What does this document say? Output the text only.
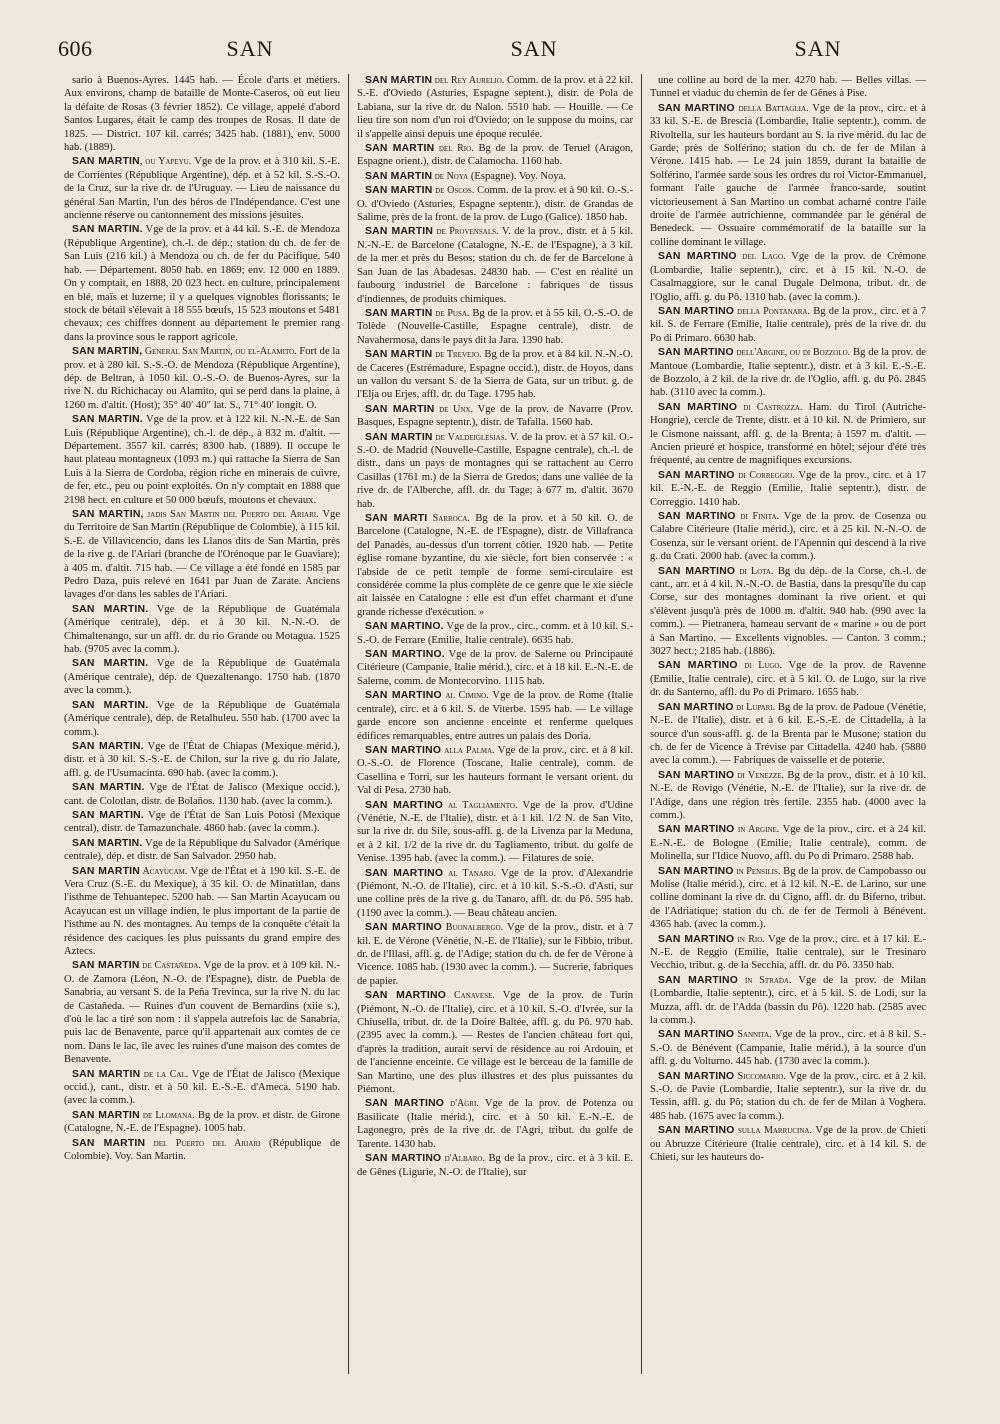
606	SAN	SAN	SAN

sario à Buenos-Ayres. 1445 hab. — École d'arts et métiers. Aux environs, champ de bataille de Monte-Caseros, où eut lieu la défaite de Rosas (3 février 1852). Ce village, appelé d'abord Santos Lugares, était le camp des troupes de Rosas. Il date de 1825. — District. 107 kil. carrés; 3425 hab. (1881), env. 5000 hab. (1889).

SAN MARTIN, ou Yapeyu. Vge de la prov. et à 310 kil. S.-E. de Corrientes (République Argentine), dép. et à 52 kil. S.-S.-O. de la Cruz, sur la rive dr. de l'Uruguay. — Lieu de naissance du général San Martin, l'un des héros de l'Indépendance. C'est une ancienne réserve ou cantonnement des missions jésuites.

SAN MARTIN. Vge de la prov. et à 44 kil. S.-E. de Mendoza (République Argentine), ch.-l. de dép.; station du ch. de fer de San Luis (216 kil.) à Mendoza ou ch. de fer du Pacifique. 540 hab. — Département. 8050 hab. en 1869; env. 12 000 en 1889. On y comptait, en 1888, 20 023 hect. en culture, principalement en blé, maïs et luzerne; il y a quelques vignobles florissants; le stock de bétail s'élevait à 18 555 bœufs, 15 523 moutons et 5481 chevaux; ces chiffres donnent au département le premier rang dans la province sous le rapport agricole.

SAN MARTIN, General San Martin, ou el-Alamito. Fort de la prov. et à 280 kil. S.-S.-O. de Mendoza (République Argentine), dép. de Beltran, à 1050 kil. O.-S.-O. de Buenos-Ayres, sur la rive N. du Richichacay ou Alamito, qui se perd dans la plaine, à 1260 m. d'altit. (Host); 35° 40′ 40″ lat. S., 71° 40′ longit. O.

SAN MARTIN. Vge de la prov. et à 122 kil. N.-N.-E. de San Luis (République Argentine), ch.-l. de dép., à 832 m. d'altit. — Département. 3557 kil. carrés; 8300 hab. (1889). Il occupe le haut plateau montagneux (1093 m.) qui rattache la Sierra de San Luis à la Sierra de Cordoba, région riche en minerais de cuivre, de fer, etc., peu ou point exploités. On n'y comptait en 1888 que 2198 hect. en culture et 50 000 bœufs, moutons et chevaux.

SAN MARTIN, jadis San Martin del Puerto del Ariari. Vge du Territoire de San Martin (République de Colombie), à 115 kil. S.-E. de Villavicencio, dans les Llanos dits de San Martin, près de la rive g. de l'Ariari (branche de l'Orénoque par le Guaviare); à 405 m. d'altit. 715 hab. — Ce village a été fondé en 1585 par Pedro Daza, puis relevé en 1641 par Juan de Zarate. Anciens lavages d'or dans les sables de l'Ariari.

SAN MARTIN. Vge de la République de Guatémala (Amérique centrale), dép. et à 30 kil. N.-N.-O. de Chimaltenango, sur un affl. dr. du rio Grande ou Motagua. 1525 hab. (9705 avec la comm.).

SAN MARTIN. Vge de la République de Guatémala (Amérique centrale), dép. de Quezaltenango. 1750 hab. (1870 avec la comm.).

SAN MARTIN. Vge de la République de Guatémala (Amérique centrale), dép. de Retalhuleu. 550 hab. (1700 avec la comm.).

SAN MARTIN. Vge de l'État de Chiapas (Mexique mérid.), distr. et à 30 kil. S.-S.-E. de Chilon, sur la rive g. du rio Jalate, affl. g. de l'Usumacinta. 690 hab. (avec la comm.).

SAN MARTIN. Vge de l'État de Jalisco (Mexique occid.), cant. de Colotlan, distr. de Bolaños. 1130 hab. (avec la comm.).

SAN MARTIN. Vge de l'État de San Luis Potosi (Mexique central), distr. de Tamazunchale. 4860 hab. (avec la comm.).

SAN MARTIN. Vge de la République du Salvador (Amérique centrale), dép. et distr. de San Salvador. 2950 hab.

SAN MARTIN Acayucam. Vge de l'État et à 190 kil. S.-E. de Vera Cruz (S.-E. du Mexique), à 35 kil. O. de Minatitlan, dans l'isthme de Tehuantepec. 5200 hab. — San Martin Acayucam ou Acayucan est un village indien, le plus important de la partie de l'isthme au N. des montagnes. Au temps de la conquête c'était la résidence des caciques les plus puissants du grand empire des Aztecs.

SAN MARTIN de Castañeda. Vge de la prov. et à 109 kil. N.-O. de Zamora (Léon, N.-O. de l'Espagne), distr. de Puebla de Sanabria, au versant S. de la Peña Trevinca, sur la rive N. du lac de Castañeda. — Ruines d'un couvent de Bernardins (xiie s.), d'où le lac a tiré son nom : il s'appela autrefois lac de Sanabria, puis lac de Benavente, parce qu'il appartenait aux comtes de ce nom. Dans le lac, île avec les ruines d'une maison des comtes de Benavente.

SAN MARTIN de la Cal. Vge de l'État de Jalisco (Mexique occid.), cant., distr. et à 50 kil. E.-S.-E. d'Ameca. 5190 hab. (avec la comm.).

SAN MARTIN de Llomana. Bg de la prov. et distr. de Girone (Catalogne, N.-E. de l'Espagne). 1005 hab.

SAN MARTIN del Puerto del Ariari (République de Colombie). Voy. San Martin.

SAN MARTIN del Rey Aurelio. Comm. de la prov. et à 22 kil. S.-E. d'Oviedo (Asturies, Espagne septent.), distr. de Pola de Labiana, sur la rive dr. du Nalon. 5510 hab. — Houille. — Ce lieu tire son nom d'un roi d'Oviedo; on le suppose du moins, car il s'appelle ainsi depuis une époque reculée.

SAN MARTIN del Rio. Bg de la prov. de Teruel (Aragon, Espagne orient.), distr. de Calamocha. 1160 hab.

SAN MARTIN de Noya (Espagne). Voy. Noya.

SAN MARTIN de Oscos. Comm. de la prov. et à 90 kil. O.-S.-O. d'Oviedo (Asturies, Espagne septentr.), distr. de Grandas de Salime, près de la front. de la prov. de Lugo (Galice). 1850 hab.

SAN MARTIN de Provensals. V. de la prov., distr. et à 5 kil. N.-N.-E. de Barcelone (Catalogne, N.-E. de l'Espagne), à 3 kil. de la mer et près du Besos; station du ch. de fer de Barcelone à San Juan de las Abadesas. 24830 hab. — C'est en réalité un faubourg industriel de Barcelone : fabriques de tissus d'indiennes, de produits chimiques.

SAN MARTIN de Pusa. Bg de la prov. et à 55 kil. O.-S.-O. de Tolède (Nouvelle-Castille, Espagne centrale), distr. de Navahermosa, dans le pays dit la Jara. 1390 hab.

SAN MARTIN de Trevejo. Bg de la prov. et à 84 kil. N.-N.-O. de Caceres (Estrémadure, Espagne occid.), distr. de Hoyos, dans un vallon du versant S. de la Sierra de Gata, sur un tribut. g. de l'Elja ou Erjes, affl. dr. du Tage. 1795 hab.

SAN MARTIN de Unx. Vge de la prov. de Navarre (Prov. Basques, Espagne septentr.), distr. de Tafalla. 1560 hab.

SAN MARTIN de Valdeiglesias. V. de la prov. et à 57 kil. O.-S.-O. de Madrid (Nouvelle-Castille, Espagne centrale), ch.-l. de distr., dans un pays de montagnes qui se rattachent au Cerro Casillas (1761 m.) de la Sierra de Gredos; dans une vallée de la rive dr. de l'Alberche, affl. dr. du Tage; à 677 m. d'altit. 3670 hab.

SAN MARTI Sarroca. Bg de la prov. et à 50 kil. O. de Barcelone (Catalogne, N.-E. de l'Espagne), distr. de Villafranca del Panadès, au-dessus d'un torrent côtier. 1920 hab. — Petite église romane byzantine, du xie siècle, fort bien conservée : « l'abside de ce petit temple de forme semi-circulaire est considérée comme la plus complète de ce genre que le xie siècle ait laissée en Catalogne : elle est d'un effet charmant et d'une grande richesse d'exécution. »

SAN MARTINO. Vge de la prov., circ., comm. et à 10 kil. S.-S.-O. de Ferrare (Emilie, Italie centrale). 6635 hab.

SAN MARTINO. Vge de la prov. de Salerne ou Principauté Citérieure (Campanie, Italie mérid.), circ. et à 18 kil. E.-N.-E. de Salerne, comm. de Montecorvino. 1115 hab.

SAN MARTINO al Cimino. Vge de la prov. de Rome (Italie centrale), circ. et à 6 kil. S. de Viterbe. 1595 hab. — Le village garde encore son ancienne enceinte et renferme quelques édifices remarquables, entre autres un palais des Doria.

SAN MARTINO alla Palma. Vge de la prov., circ. et à 8 kil. O.-S.-O. de Florence (Toscane, Italie centrale), comm. de Casellina e Torri, sur les hauteurs formant le versant orient. du Val di Pesa. 2730 hab.

SAN MARTINO al Tagliamento. Vge de la prov. d'Udine (Vénétie, N.-E. de l'Italie), distr. et à 1 kil. 1/2 N. de San Vito, sur la rive dr. du Sile, sous-affl. g. de la Livenza par la Meduna, et à 2 kil. 1/2 de la rive dr. du Tagliamento, tribut. du golfe de Venise. 1395 hab. (avec la comm.). — Filatures de soie.

SAN MARTINO al Tanaro. Vge de la prov. d'Alexandrie (Piémont, N.-O. de l'Italie), circ. et à 10 kil. S.-S.-O. d'Asti, sur une colline près de la rive g. du Tanaro, affl. dr. du Pô. 595 hab. (1190 avec la comm.). — Beau château ancien.

SAN MARTINO Buonalbergo. Vge de la prov., distr. et à 7 kil. E. de Vérone (Vénétie, N.-E. de l'Italie), sur le Fibbio, tribut. dr. de l'Illasi, affl. g. de l'Adige; station du ch. de fer de Vérone à Vicence. 1085 hab. (1930 avec la comm.). — Sucrerie, fabriques de papier.

SAN MARTINO Canavese. Vge de la prov. de Turin (Piémont, N.-O. de l'Italie), circ. et à 10 kil. S.-O. d'Ivrée, sur la Chiusella, tribut. dr. de la Doire Baltée, affl. g. du Pô. 970 hab. (2395 avec la comm.). — Restes de l'ancien château fort qui, d'après la tradition, aurait servi de résidence au roi Ardouin, et de l'ancienne enceinte. Ce village est le berceau de la famille de San Martino, une des plus illustres et des plus puissantes du Piémont.

SAN MARTINO d'Agri. Vge de la prov. de Potenza ou Basilicate (Italie mérid.), circ. et à 50 kil. E.-N.-E. de Lagonegro, près de la rive dr. de l'Agri, tribut. du golfe de Tarente. 1430 hab.

SAN MARTINO d'Albaro. Bg de la prov., circ. et à 3 kil. E. de Gênes (Ligurie, N.-O. de l'Italie), sur

une colline au bord de la mer. 4270 hab. — Belles villas. — Tunnel et viaduc du chemin de fer de Gênes à Pise.

SAN MARTINO della Battaglia. Vge de la prov., circ. et à 33 kil. S.-E. de Brescia (Lombardie, Italie septentr.), comm. de Rivoltella, sur les hauteurs bordant au S. la rive mérid. du lac de Garde; près de Solférino; station du ch. de fer de Milan à Vérone. 1415 hab. — Le 24 juin 1859, durant la bataille de Solférino, l'armée sarde sous les ordres du roi Victor-Emmanuel, formant l'aile gauche de l'armée franco-sarde, soutint victorieusement à San Martino un combat acharné contre l'aile droite de l'armée autrichienne, commandée par le général de Benedeck. — Ossuaire commémoratif de la bataille sur la colline dominant le village.

SAN MARTINO del Lago. Vge de la prov. de Crémone (Lombardie, Italie septentr.), circ. et à 15 kil. N.-O. de Casalmaggiore, sur le canal Dugale Delmona, tribut. dr. de l'Oglio, affl. g. du Pô. 1310 hab. (avec la comm.).

SAN MARTINO della Pontanara. Bg de la prov., circ. et à 7 kil. S. de Ferrare (Emilie, Italie centrale), près de la rive dr. du Po di Primaro. 6630 hab.

SAN MARTINO dell'Argine, ou di Bozzolo. Bg de la prov. de Mantoue (Lombardie, Italie septentr.), distr. et à 3 kil. E.-S.-E. de Bozzolo, à 2 kil. de la rive dr. de l'Oglio, affl. g. du Pô. 2845 hab. (3110 avec la comm.).

SAN MARTINO di Castrozza. Ham. du Tirol (Autriche-Hongrie), cercle de Trente, distr. et à 10 kil. N. de Primiero, sur le Cismone naissant, affl. g. de la Brenta; à 1597 m. d'altit. — Ancien prieuré et hospice, transformé en hôtel; séjour d'été très fréquenté, au centre de magnifiques excursions.

SAN MARTINO di Correggio. Vge de la prov., circ. et à 17 kil. E.-N.-E. de Reggio (Emilie, Italie septentr.), distr. de Correggio. 1410 hab.

SAN MARTINO di Finita. Vge de la prov. de Cosenza ou Calabre Citérieure (Italie mérid.), circ. et à 25 kil. N.-N.-O. de Cosenza, sur le versant orient. de l'Apennin qui descend à la rive g. du Crati. 2000 hab. (avec la comm.).

SAN MARTINO di Lota. Bg du dép. de la Corse, ch.-l. de cant., arr. et à 4 kil. N.-N.-O. de Bastia, dans la presqu'île du cap Corse, sur des montagnes dominant la rive orient. et qui s'élèvent jusqu'à près de 1000 m. d'altit. 940 hab. (990 avec la comm.). — Pietranera, hameau servant de « marine » ou de port à San Martino. — Excellents vignobles. — Canton. 3 comm.; 3027 hect.; 2185 hab. (1886).

SAN MARTINO di Lugo. Vge de la prov. de Ravenne (Emilie, Italie centrale), circ. et à 5 kil. O. de Lugo, sur la rive dr. du Santerno, affl. du Po di Primaro. 1655 hab.

SAN MARTINO di Lupari. Bg de la prov. de Padoue (Vénétie, N.-E. de l'Italie), distr. et à 6 kil. E.-S.-E. de Cittadella, à la source d'un sous-affl. g. de la Brenta par le Musone; station du ch. de fer de Vicence à Trévise par Cittadella. 4240 hab. (5880 avec la comm.). — Fabriques de vaisselle et de poterie.

SAN MARTINO di Venezze. Bg de la prov., distr. et à 10 kil. N.-E. de Rovigo (Vénétie, N.-E. de l'Italie), sur la rive dr. de l'Adige, dans une région très fertile. 2355 hab. (4000 avec la comm.).

SAN MARTINO in Argine. Vge de la prov., circ. et à 24 kil. E.-N.-E. de Bologne (Emilie, Italie centrale), comm. de Molinella, sur l'Idice Nuovo, affl. du Po di Primaro. 2588 hab.

SAN MARTINO in Pensilis. Bg de la prov. de Campobasso ou Molise (Italie mérid.), circ. et à 12 kil. N.-E. de Larino, sur une colline dominant la rive dr. du Cigno, affl. dr. du Biferno, tribut. de l'Adriatique; station du ch. de fer de Termoli à Bénévent. 4365 hab. (avec la comm.).

SAN MARTINO in Rio. Vge de la prov., circ. et à 17 kil. E.-N.-E. de Reggio (Emilie, Italie centrale), sur le Tresinaro Vecchio, tribut. g. de la Secchia, affl. dr. du Pô. 3350 hab.

SAN MARTINO in Strada. Vge de la prov. de Milan (Lombardie, Italie septentr.), circ. et à 5 kil. S. de Lodi, sur la Muzza, affl. dr. de l'Adda (bassin du Pô). 1220 hab. (2585 avec la comm.).

SAN MARTINO Sannita. Vge de la prov., circ. et à 8 kil. S.-S.-O. de Bénévent (Campanie, Italie mérid.), à la source d'un affl. g. du Volturno. 445 hab. (1730 avec la comm.).

SAN MARTINO Siccomario. Vge de la prov., circ. et à 2 kil. S.-O. de Pavie (Lombardie, Italie septentr.), sur la rive dr. du Tessin, affl. g. du Pô; station du ch. de fer de Milan à Voghera. 485 hab. (1675 avec la comm.).

SAN MARTINO sulla Marrucina. Vge de la prov. de Chieti ou Abruzze Citérieure (Italie centrale), circ. et à 14 kil. S. de Chieti, sur les hauteurs do-
